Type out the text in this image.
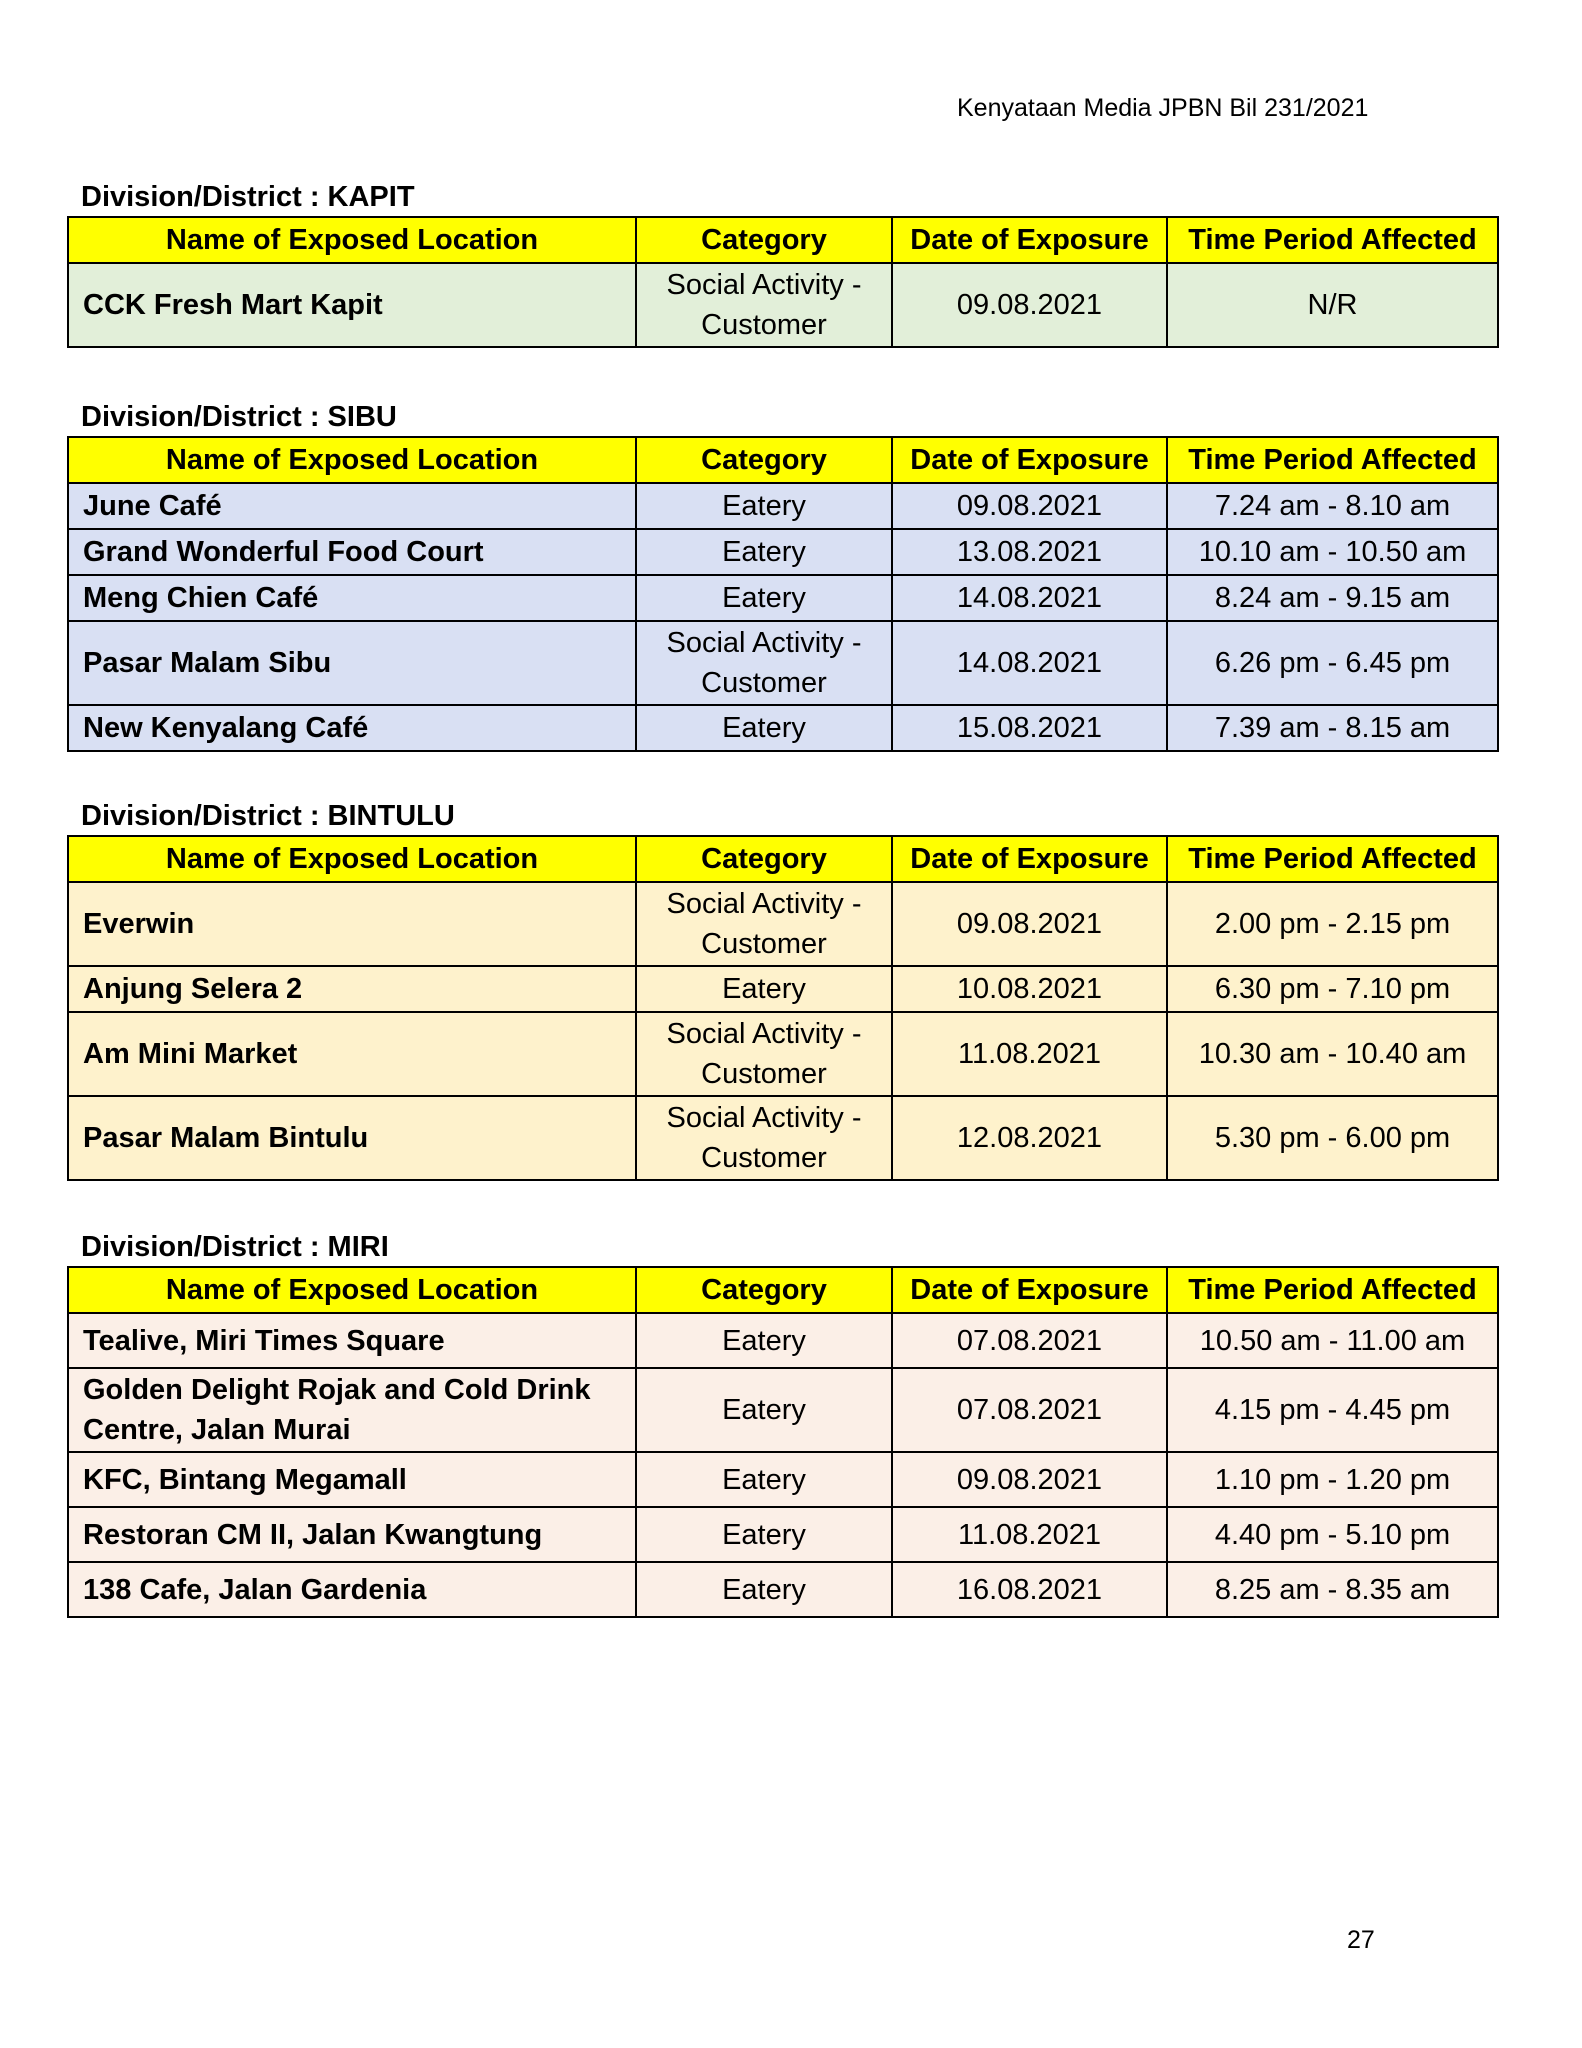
Kenyataan Media JPBN Bil 231/2021
Division/District : KAPIT
Name of Exposed Location	Category	Date of Exposure	Time Period Affected
CCK Fresh Mart Kapit	Social Activity - Customer	09.08.2021	N/R
Division/District : SIBU
Name of Exposed Location	Category	Date of Exposure	Time Period Affected
June Café	Eatery	09.08.2021	7.24 am - 8.10 am
Grand Wonderful Food Court	Eatery	13.08.2021	10.10 am - 10.50 am
Meng Chien Café	Eatery	14.08.2021	8.24 am - 9.15 am
Pasar Malam Sibu	Social Activity - Customer	14.08.2021	6.26 pm - 6.45 pm
New Kenyalang Café	Eatery	15.08.2021	7.39 am - 8.15 am
Division/District : BINTULU
Name of Exposed Location	Category	Date of Exposure	Time Period Affected
Everwin	Social Activity - Customer	09.08.2021	2.00 pm - 2.15 pm
Anjung Selera 2	Eatery	10.08.2021	6.30 pm - 7.10 pm
Am Mini Market	Social Activity - Customer	11.08.2021	10.30 am - 10.40 am
Pasar Malam Bintulu	Social Activity - Customer	12.08.2021	5.30 pm - 6.00 pm
Division/District : MIRI
Name of Exposed Location	Category	Date of Exposure	Time Period Affected
Tealive, Miri Times Square	Eatery	07.08.2021	10.50 am - 11.00 am
Golden Delight Rojak and Cold Drink Centre, Jalan Murai	Eatery	07.08.2021	4.15 pm - 4.45 pm
KFC, Bintang Megamall	Eatery	09.08.2021	1.10 pm - 1.20 pm
Restoran CM II, Jalan Kwangtung	Eatery	11.08.2021	4.40 pm - 5.10 pm
138 Cafe, Jalan Gardenia	Eatery	16.08.2021	8.25 am - 8.35 am
27
